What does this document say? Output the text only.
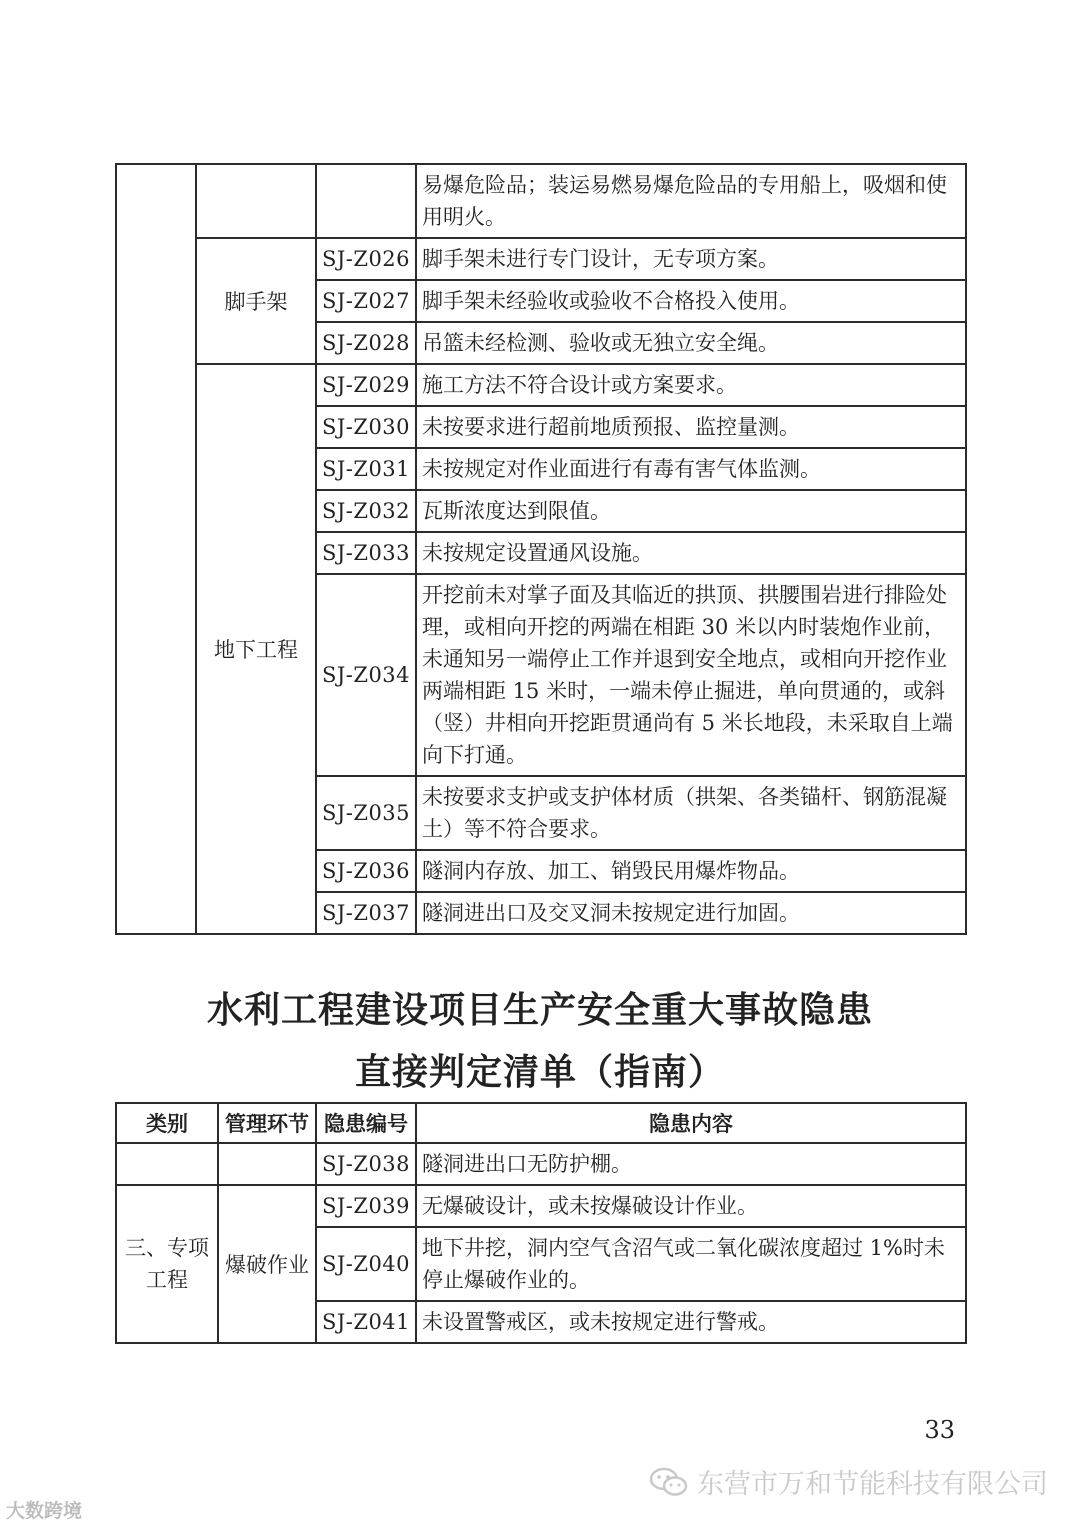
			易爆危险品；装运易燃易爆危险品的专用船上，吸烟和使用明火。
	脚手架	SJ-Z026	脚手架未进行专门设计，无专项方案。
		SJ-Z027	脚手架未经验收或验收不合格投入使用。
		SJ-Z028	吊篮未经检测、验收或无独立安全绳。
	地下工程	SJ-Z029	施工方法不符合设计或方案要求。
		SJ-Z030	未按要求进行超前地质预报、监控量测。
		SJ-Z031	未按规定对作业面进行有毒有害气体监测。
		SJ-Z032	瓦斯浓度达到限值。
		SJ-Z033	未按规定设置通风设施。
		SJ-Z034	开挖前未对掌子面及其临近的拱顶、拱腰围岩进行排险处理，或相向开挖的两端在相距 30 米以内时装炮作业前，未通知另一端停止工作并退到安全地点，或相向开挖作业两端相距 15 米时，一端未停止掘进，单向贯通的，或斜（竖）井相向开挖距贯通尚有 5 米长地段，未采取自上端向下打通。
		SJ-Z035	未按要求支护或支护体材质（拱架、各类锚杆、钢筋混凝土）等不符合要求。
		SJ-Z036	隧洞内存放、加工、销毁民用爆炸物品。
		SJ-Z037	隧洞进出口及交叉洞未按规定进行加固。
水利工程建设项目生产安全重大事故隐患
直接判定清单（指南）
类别	管理环节	隐患编号	隐患内容
		SJ-Z038	隧洞进出口无防护棚。
三、专项工程	爆破作业	SJ-Z039	无爆破设计，或未按爆破设计作业。
		SJ-Z040	地下井挖，洞内空气含沼气或二氧化碳浓度超过 1%时未停止爆破作业的。
		SJ-Z041	未设置警戒区，或未按规定进行警戒。
33
大数跨境
东营市万和节能科技有限公司
